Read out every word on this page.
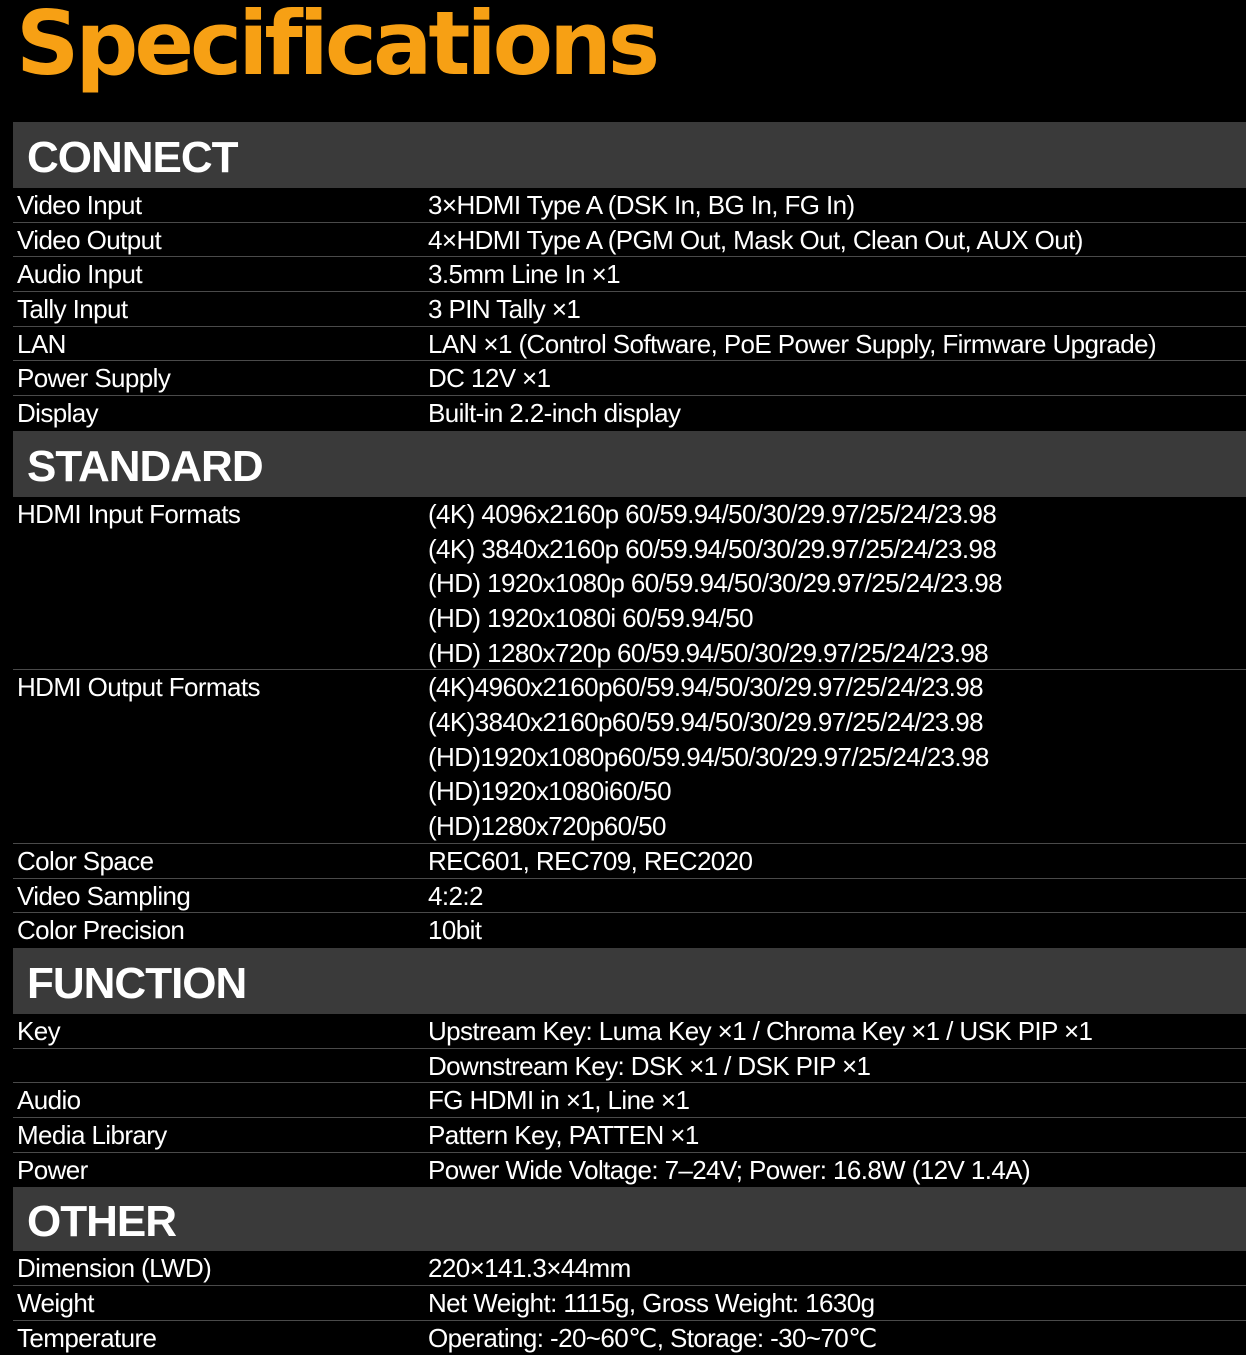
Specifications
CONNECT
Video Input	3×HDMI Type A (DSK In, BG In, FG In)
Video Output	4×HDMI Type A (PGM Out, Mask Out, Clean Out, AUX Out)
Audio Input	3.5mm Line In ×1
Tally Input	3 PIN Tally ×1
LAN	LAN ×1 (Control Software, PoE Power Supply, Firmware Upgrade)
Power Supply	DC 12V ×1
Display	Built-in 2.2-inch display
STANDARD
HDMI Input Formats	(4K) 4096x2160p 60/59.94/50/30/29.97/25/24/23.98
(4K) 3840x2160p 60/59.94/50/30/29.97/25/24/23.98
(HD) 1920x1080p 60/59.94/50/30/29.97/25/24/23.98
(HD) 1920x1080i 60/59.94/50
(HD) 1280x720p 60/59.94/50/30/29.97/25/24/23.98
HDMI Output Formats	(4K)4960x2160p60/59.94/50/30/29.97/25/24/23.98
(4K)3840x2160p60/59.94/50/30/29.97/25/24/23.98
(HD)1920x1080p60/59.94/50/30/29.97/25/24/23.98
(HD)1920x1080i60/50
(HD)1280x720p60/50
Color Space	REC601, REC709, REC2020
Video Sampling	4:2:2
Color Precision	10bit
FUNCTION
Key	Upstream Key: Luma Key ×1 / Chroma Key ×1 / USK PIP ×1
Downstream Key: DSK ×1 / DSK PIP ×1
Audio	FG HDMI in ×1, Line ×1
Media Library	Pattern Key, PATTEN ×1
Power	Power Wide Voltage: 7–24V; Power: 16.8W (12V 1.4A)
OTHER
Dimension (LWD)	220×141.3×44mm
Weight	Net Weight: 1115g, Gross Weight: 1630g
Temperature	Operating: -20~60℃, Storage: -30~70℃
